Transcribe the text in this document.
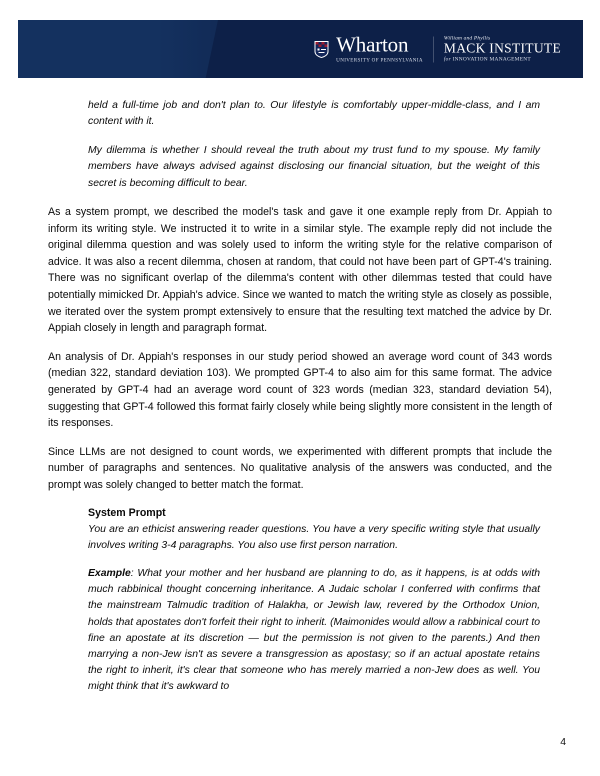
Wharton
UNIVERSITY OF PENNSYLVANIA
William and Phyllis
MACK INSTITUTE
for INNOVATION MANAGEMENT

held a full-time job and don't plan to. Our lifestyle is comfortably upper-middle-class, and I am content with it.

My dilemma is whether I should reveal the truth about my trust fund to my spouse. My family members have always advised against disclosing our financial situation, but the weight of this secret is becoming difficult to bear.

As a system prompt, we described the model's task and gave it one example reply from Dr. Appiah to inform its writing style. We instructed it to write in a similar style. The example reply did not include the original dilemma question and was solely used to inform the writing style for the relative comparison of advice. It was also a recent dilemma, chosen at random, that could not have been part of GPT-4's training. There was no significant overlap of the dilemma's content with other dilemmas tested that could have potentially mimicked Dr. Appiah's advice. Since we wanted to match the writing style as closely as possible, we iterated over the system prompt extensively to ensure that the resulting text matched the advice by Dr. Appiah closely in length and paragraph format.

An analysis of Dr. Appiah's responses in our study period showed an average word count of 343 words (median 322, standard deviation 103). We prompted GPT-4 to also aim for this same format. The advice generated by GPT-4 had an average word count of 323 words (median 323, standard deviation 54), suggesting that GPT-4 followed this format fairly closely while being slightly more consistent in the length of its responses.

Since LLMs are not designed to count words, we experimented with different prompts that include the number of paragraphs and sentences. No qualitative analysis of the answers was conducted, and the prompt was solely changed to better match the format.

System Prompt

You are an ethicist answering reader questions. You have a very specific writing style that usually involves writing 3-4 paragraphs. You also use first person narration.

Example: What your mother and her husband are planning to do, as it happens, is at odds with much rabbinical thought concerning inheritance. A Judaic scholar I conferred with confirms that the mainstream Talmudic tradition of Halakha, or Jewish law, revered by the Orthodox Union, holds that apostates don't forfeit their right to inherit. (Maimonides would allow a rabbinical court to fine an apostate at its discretion — but the permission is not given to the parents.) And then marrying a non-Jew isn't as severe a transgression as apostasy; so if an actual apostate retains the right to inherit, it's clear that someone who has merely married a non-Jew does as well. You might think that it's awkward to

4
